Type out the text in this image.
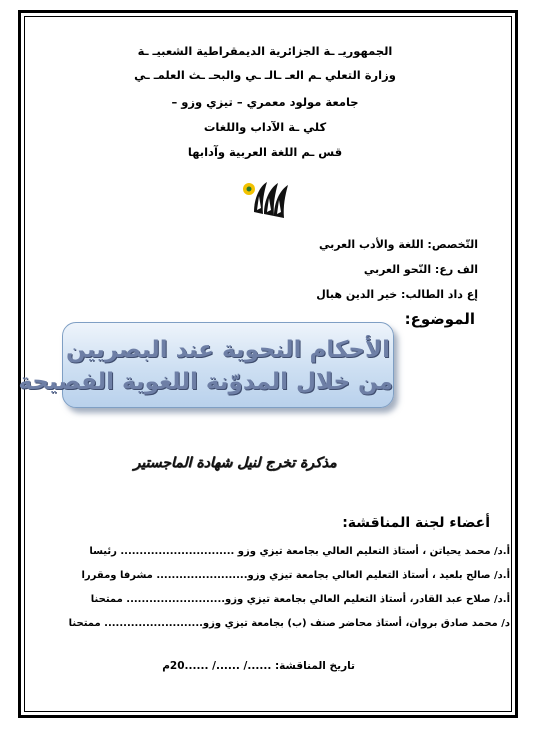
الجمهوريـ ـة الجزائرية الديمقراطية الشعبيـ ـة
وزارة التعلي ـم العـ ـالـ ـي والبحـ ـث العلمـ ـي
جامعة مولود معمري – تيزي وزو –
كلي ـة الآداب واللغات
قس ـم اللغة العربية وآدابها
التّخصص: اللغة والأدب العربي
الف رع: النّحو العربي
إع داد الطالب: خير الدين هبال
الموضوع:
الأحكام النحوية عند البصريين
من خلال المدوّنة اللغوية الفصيحة
مذكرة تخرج لنيل شهادة الماجستير
أعضاء لجنة المناقشة:
أ.د/ محمد يحياتن ، أستاذ التعليم العالي بجامعة تيزي وزو .............................. رئيسا
أ.د/ صالح بلعيد ، أستاذ التعليم العالي بجامعة تيزي وزو........................ مشرفا ومقررا
أ.د/ صلاح عبد القادر، أستاذ التعليم العالي بجامعة تيزي وزو.......................... ممتحنا
د/ محمد صادق بروان، أستاذ محاضر صنف (ب) بجامعة تيزي وزو.......................... ممتحنا
تاريخ المناقشة: ....../ ....../ ......20م
